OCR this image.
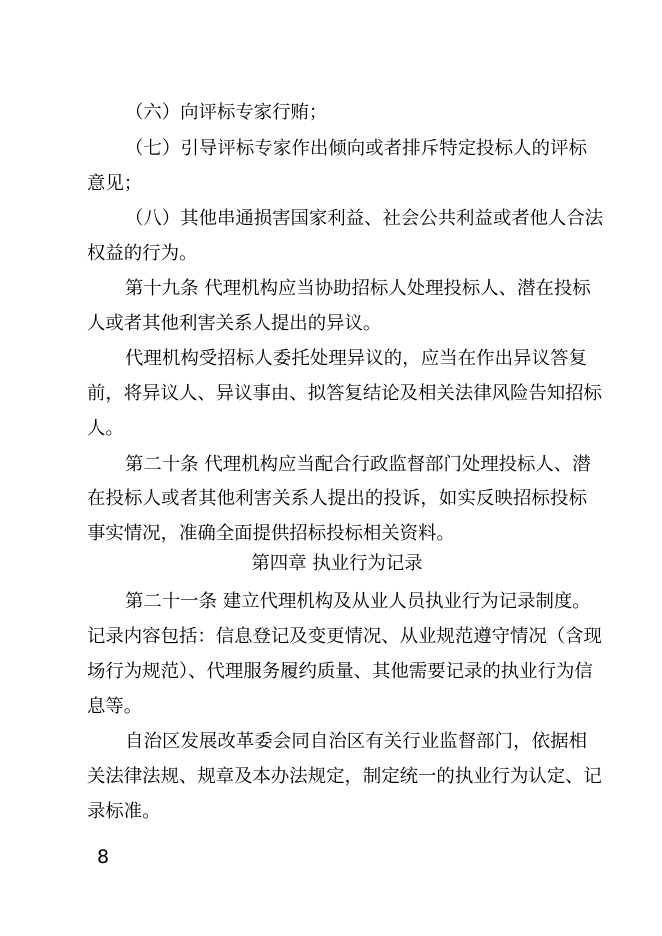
（六）向评标专家行贿；
（七）引导评标专家作出倾向或者排斥特定投标人的评标
意见；
（八）其他串通损害国家利益、社会公共利益或者他人合法
权益的行为。
第十九条 代理机构应当协助招标人处理投标人、潜在投标
人或者其他利害关系人提出的异议。
代理机构受招标人委托处理异议的，应当在作出异议答复
前，将异议人、异议事由、拟答复结论及相关法律风险告知招标
人。
第二十条 代理机构应当配合行政监督部门处理投标人、潜
在投标人或者其他利害关系人提出的投诉，如实反映招标投标
事实情况，准确全面提供招标投标相关资料。
第四章 执业行为记录
第二十一条 建立代理机构及从业人员执业行为记录制度。
记录内容包括：信息登记及变更情况、从业规范遵守情况（含现
场行为规范）、代理服务履约质量、其他需要记录的执业行为信
息等。
自治区发展改革委会同自治区有关行业监督部门，依据相
关法律法规、规章及本办法规定，制定统一的执业行为认定、记
录标准。
8
